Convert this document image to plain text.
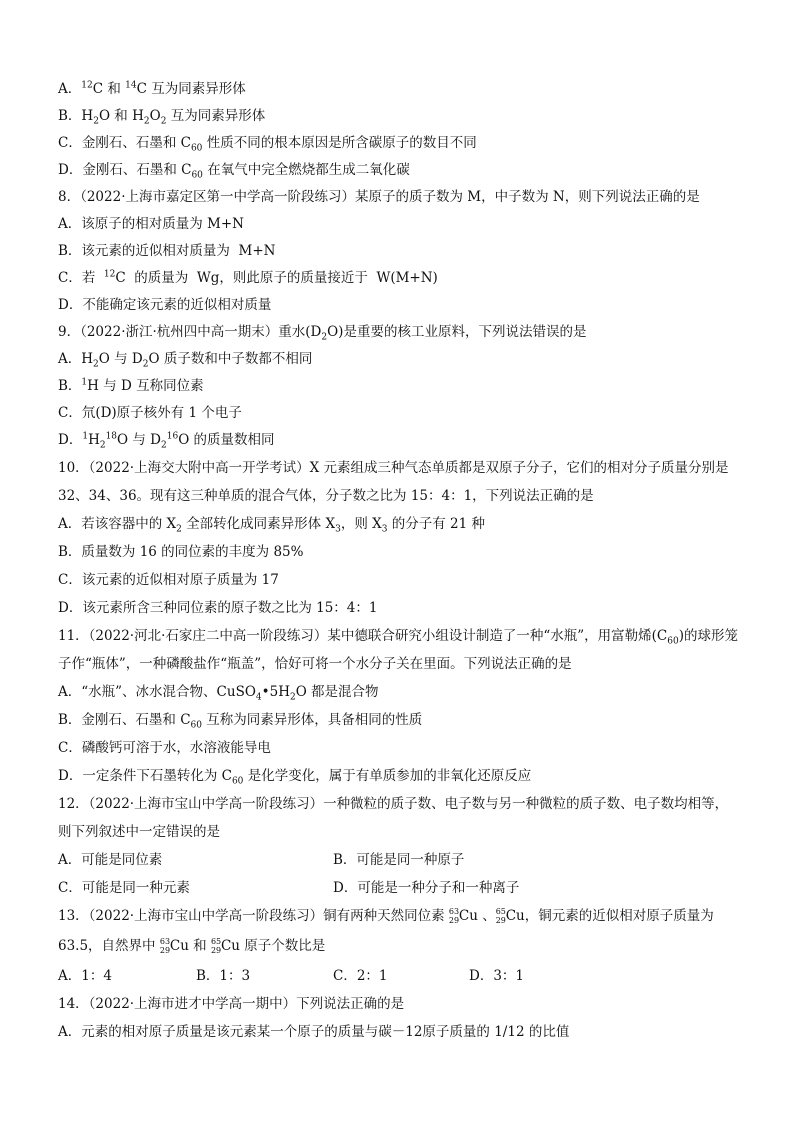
A．$^{12}$C 和 $^{14}$C 互为同素异形体
B．$H_2O$ 和 $H_2O_2$ 互为同素异形体
C．金刚石、石墨和 $C_{60}$ 性质不同的根本原因是所含碳原子的数目不同
D．金刚石、石墨和 $C_{60}$ 在氧气中完全燃烧都生成二氧化碳
8．（2022·上海市嘉定区第一中学高一阶段练习）某原子的质子数为 M，中子数为 N，则下列说法正确的是
A．该原子的相对质量为 M+N
B．该元素的近似相对质量为  M+N
C．若  $^{12}$C  的质量为  Wg，则此原子的质量接近于  W(M+N)
D．不能确定该元素的近似相对质量
9．（2022·浙江·杭州四中高一期末）重水$(D_2O)$是重要的核工业原料，下列说法错误的是
A．$H_2O$ 与 $D_2O$ 质子数和中子数都不相同
B．$^1$H 与 D 互称同位素
C．氘(D)原子核外有 1 个电子
D．$^1H_2^{18}O$ 与 $D_2^{16}O$ 的质量数相同
10．（2022·上海交大附中高一开学考试）X 元素组成三种气态单质都是双原子分子，它们的相对分子质量分别是
32、34、36。现有这三种单质的混合气体，分子数之比为 15：4：1，下列说法正确的是
A．若该容器中的 $X_2$ 全部转化成同素异形体 $X_3$，则 $X_3$ 的分子有 21 种
B．质量数为 16 的同位素的丰度为 85%
C．该元素的近似相对原子质量为 17
D．该元素所含三种同位素的原子数之比为 15：4：1
11．（2022·河北·石家庄二中高一阶段练习）某中德联合研究小组设计制造了一种“水瓶”，用富勒烯$(C_{60})$的球形笼
子作“瓶体”，一种磷酸盐作“瓶盖”，恰好可将一个水分子关在里面。下列说法正确的是
A．“水瓶”、冰水混合物、$CuSO_4•5H_2O$ 都是混合物
B．金刚石、石墨和 $C_{60}$ 互称为同素异形体，具备相同的性质
C．磷酸钙可溶于水，水溶液能导电
D．一定条件下石墨转化为 $C_{60}$ 是化学变化，属于有单质参加的非氧化还原反应
12．（2022·上海市宝山中学高一阶段练习）一种微粒的质子数、电子数与另一种微粒的质子数、电子数均相等，
则下列叙述中一定错误的是
A．可能是同位素	B．可能是同一种原子
C．可能是同一种元素	D．可能是一种分子和一种离子
13．（2022·上海市宝山中学高一阶段练习）铜有两种天然同位素 63
29 Cu 、 65
29 Cu，铜元素的近似相对原子质量为
63.5，自然界中 63
29 Cu 和 65
29 Cu 原子个数比是
A．1：4	B．1：3	C．2：1	D．3：1
14．（2022·上海市进才中学高一期中）下列说法正确的是
A．元素的相对原子质量是该元素某一个原子的质量与碳－12原子质量的 1/12 的比值
